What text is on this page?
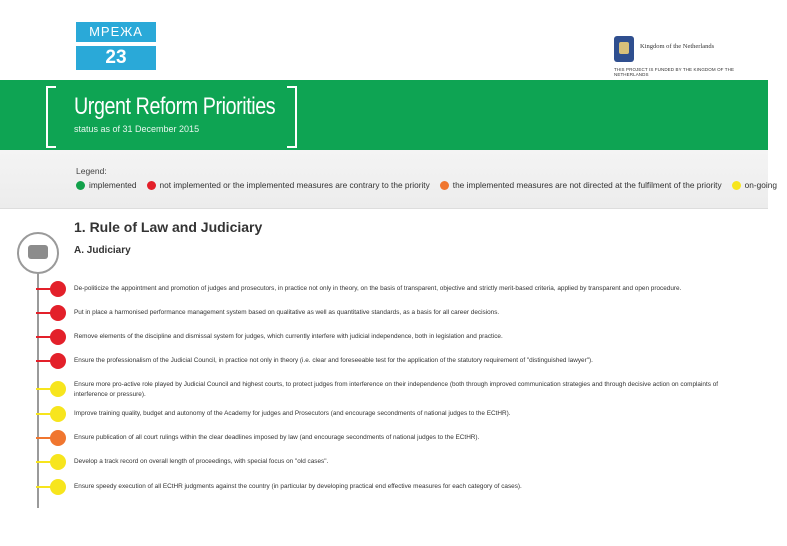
МРЕЖА
23
Kingdom of the Netherlands
THIS PROJECT IS FUNDED BY THE KINGDOM OF THE NETHERLANDS
Urgent Reform Priorities
status as of 31 December 2015
Legend:
implemented	not implemented or the implemented measures are contrary to the priority	the implemented measures are not directed at the fulfilment of the priority	on-going
1. Rule of Law and Judiciary
A. Judiciary
De-politicize the appointment and promotion of judges and prosecutors, in practice not only in theory, on the basis of transparent, objective and strictly merit-based criteria, applied by transparent and open procedure.
Put in place a harmonised performance management system based on qualitative as well as quantitative standards, as a basis for all career decisions.
Remove elements of the discipline and dismissal system for judges, which currently interfere with judicial independence, both in legislation and practice.
Ensure the professionalism of the Judicial Council, in practice not only in theory (i.e. clear and foreseeable test for the application of the statutory requirement of "distinguished lawyer").
Ensure more pro-active role played by Judicial Council and highest courts, to protect judges from interference on their independence (both through improved communication strategies and through decisive action on complaints of interference or pressure).
Improve training quality, budget and autonomy of the Academy for judges and Prosecutors (and encourage secondments of national judges to the ECtHR).
Ensure publication of all court rulings within the clear deadlines imposed by law (and encourage secondments of national judges to the ECtHR).
Develop a track record on overall length of proceedings, with special focus on "old cases".
Ensure speedy execution of all ECtHR judgments against the country (in particular by developing practical end effective measures for each category of cases).
